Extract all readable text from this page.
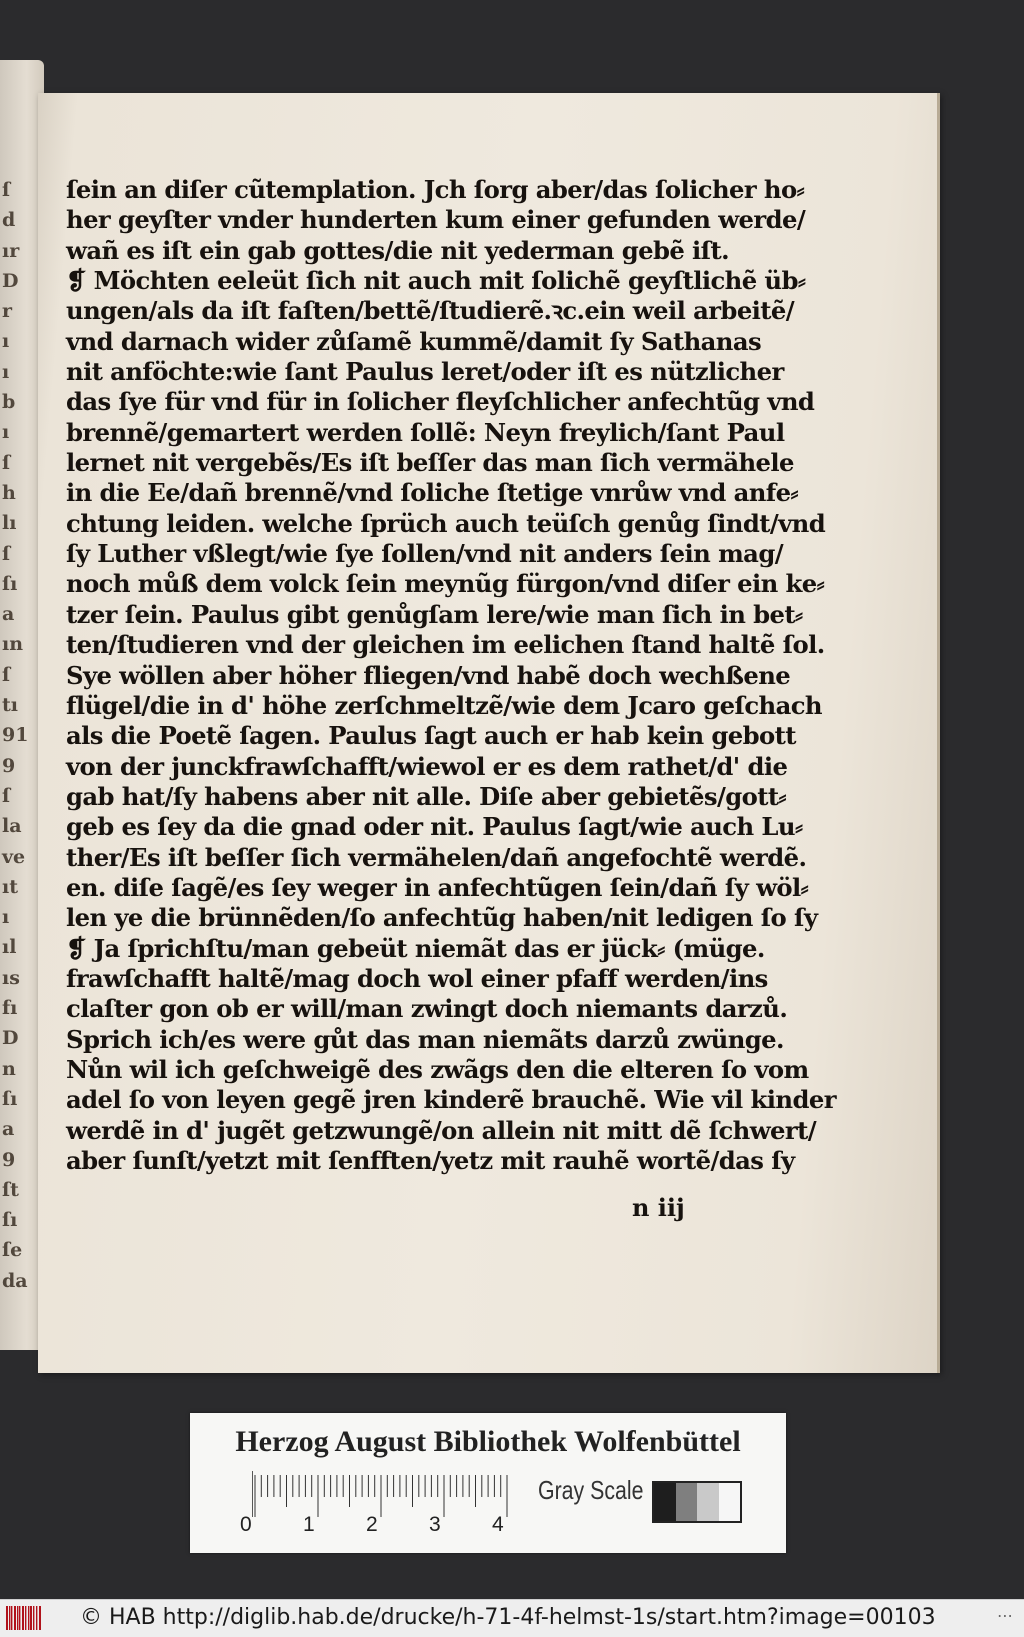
ſ
d
ır
D
r
ı
ı
b
ı
ſ
h
lı
ſ
ſı
a
ın
ſ
tı
91
9
ſ
la
ve
ıt
ı
ıl
ıs
fı
D
n
ſı
a
9
ſt
ſı
ſe
da
ſein an diſer cũtemplation. Jch ſorg aber/das ſolicher ho⸗
her geyſter vnder hunderten kum einer gefunden werde/
wañ es iſt ein gab gottes/die nit yederman gebẽ iſt.
❡ Möchten eeleüt ſich nit auch mit ſolichẽ geyſtlichẽ üb⸗
ungen/als da iſt faſten/bettẽ/ſtudierẽ.ꝛc.ein weil arbeitẽ/
vnd darnach wider zůſamẽ kummẽ/damit ſy Sathanas
nit anföchte:wie ſant Paulus leret/oder iſt es nützlicher
das ſye für vnd für in ſolicher fleyſchlicher anfechtũg vnd
brennẽ/gemartert werden ſollẽ: Neyn freylich/ſant Paul
lernet nit vergebẽs/Es iſt beſſer das man ſich vermähele
in die Ee/dañ brennẽ/vnd ſoliche ſtetige vnrůw vnd anfe⸗
chtung leiden. welche ſprüch auch teüſch genůg ſindt/vnd
ſy Luther vßlegt/wie ſye ſollen/vnd nit anders ſein mag/
noch můß dem volck ſein meynũg fürgon/vnd diſer ein ke⸗
tzer ſein. Paulus gibt genůgſam lere/wie man ſich in bet⸗
ten/ſtudieren vnd der gleichen im eelichen ſtand haltẽ ſol.
Sye wöllen aber höher fliegen/vnd habẽ doch wechßene
flügel/die in d' höhe zerſchmeltzẽ/wie dem Jcaro geſchach
als die Poetẽ ſagen. Paulus ſagt auch er hab kein gebott
von der junckfrawſchafft/wiewol er es dem rathet/d' die
gab hat/ſy habens aber nit alle. Diſe aber gebietẽs/gott⸗
geb es ſey da die gnad oder nit. Paulus ſagt/wie auch Lu⸗
ther/Es iſt beſſer ſich vermähelen/dañ angefochtẽ werdẽ.
en. diſe ſagẽ/es ſey weger in anfechtũgen ſein/dañ ſy wöl⸗
len ye die brünnẽden/ſo anfechtũg haben/nit ledigen ſo ſy
❡ Ja ſprichſtu/man gebeüt niemãt das er jück⸗ (müge.
frawſchafft haltẽ/mag doch wol einer pfaff werden/ins
claſter gon ob er will/man zwingt doch niemants darzů.
Sprich ich/es were gůt das man niemãts darzů zwünge.
Nůn wil ich geſchweigẽ des zwãgs den die elteren ſo vom
adel ſo von leyen gegẽ jren kinderẽ brauchẽ. Wie vil kinder
werdẽ in d' jugẽt getzwungẽ/on allein nit mitt dẽ ſchwert/
aber ſunſt/yetzt mit ſenfften/yetz mit rauhẽ wortẽ/das ſy
n iij
Herzog August Bibliothek Wolfenbüttel
0 1 2 3 4
Gray Scale
© HAB http://diglib.hab.de/drucke/h-71-4f-helmst-1s/start.htm?image=00103	⋯
